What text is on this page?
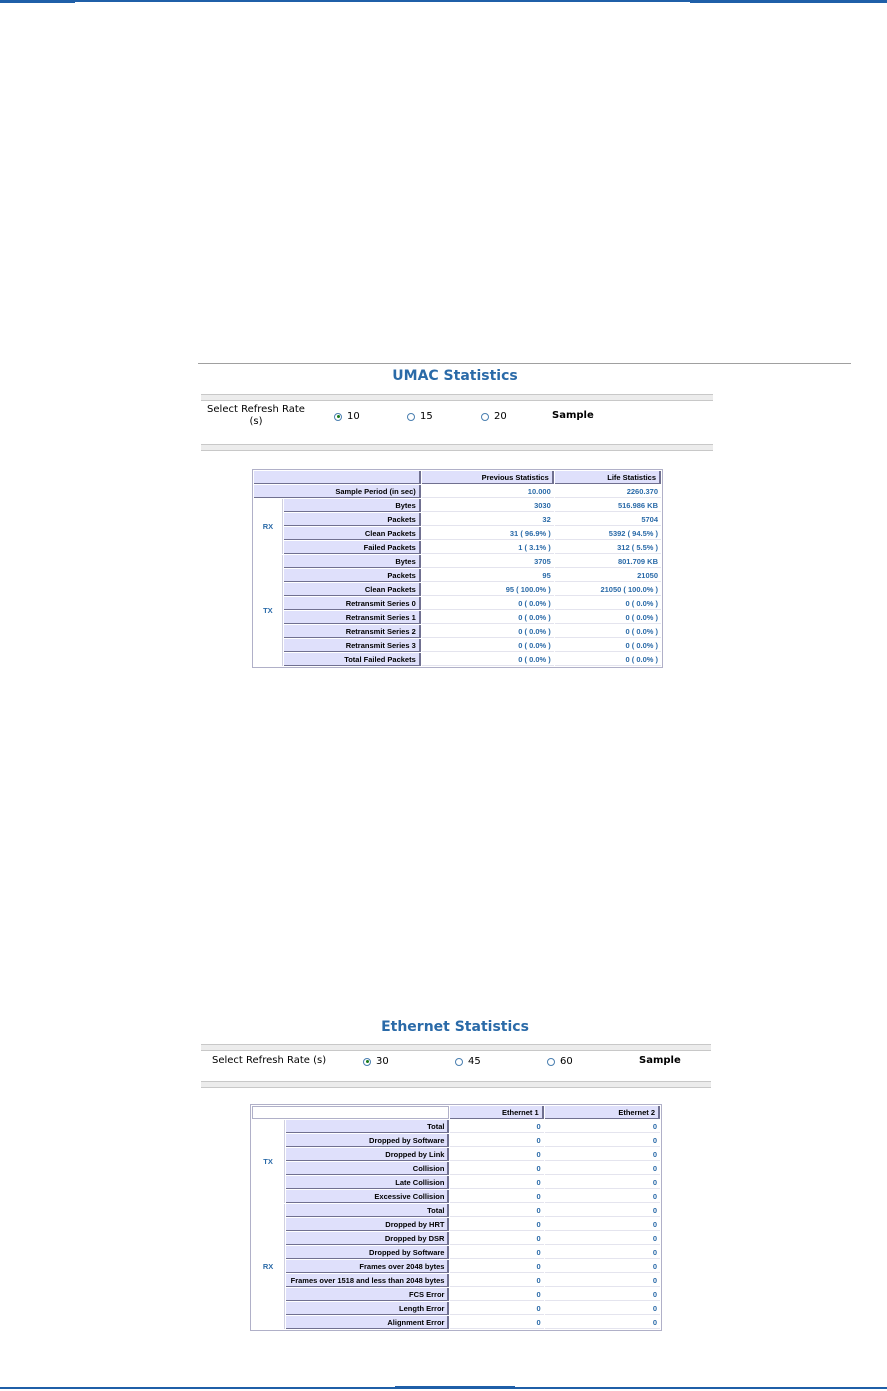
UMAC Statistics
Select Refresh Rate (s)	10	15	20	Sample
		Previous Statistics	Life Statistics
Sample Period (in sec)		10.000	2260.370
RX	Bytes	3030	516.986 KB
	Packets	32	5704
	Clean Packets	31 ( 96.9% )	5392 ( 94.5% )
	Failed Packets	1 ( 3.1% )	312 ( 5.5% )
TX	Bytes	3705	801.709 KB
	Packets	95	21050
	Clean Packets	95 ( 100.0% )	21050 ( 100.0% )
	Retransmit Series 0	0 ( 0.0% )	0 ( 0.0% )
	Retransmit Series 1	0 ( 0.0% )	0 ( 0.0% )
	Retransmit Series 2	0 ( 0.0% )	0 ( 0.0% )
	Retransmit Series 3	0 ( 0.0% )	0 ( 0.0% )
	Total Failed Packets	0 ( 0.0% )	0 ( 0.0% )
Ethernet Statistics
Select Refresh Rate (s)	30	45	60	Sample
		Ethernet 1	Ethernet 2
TX	Total	0	0
	Dropped by Software	0	0
	Dropped by Link	0	0
	Collision	0	0
	Late Collision	0	0
	Excessive Collision	0	0
RX	Total	0	0
	Dropped by HRT	0	0
	Dropped by DSR	0	0
	Dropped by Software	0	0
	Frames over 2048 bytes	0	0
	Frames over 1518 and less than 2048 bytes	0	0
	FCS Error	0	0
	Length Error	0	0
	Alignment Error	0	0
